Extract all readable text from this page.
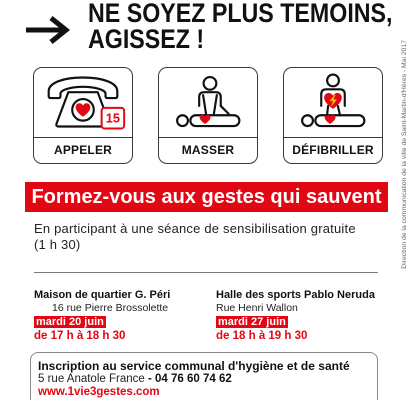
NE SOYEZ PLUS TEMOINS,
AGISSEZ !
Direction de la communication de la ville de Saint-Martin-d'Hères - Mai 2017
15
APPELER	MASSER	DÉFIBRILLER
Formez-vous aux gestes qui sauvent
En participant à une séance de sensibilisation gratuite
(1 h 30)
Maison de quartier G. Péri
16 rue Pierre Brossolette
mardi 20 juin
de 17 h à 18 h 30
Halle des sports Pablo Neruda
Rue Henri Wallon
mardi 27 juin
de 18 h à 19 h 30
Inscription au service communal d'hygiène et de santé
5 rue Anatole France - 04 76 60 74 62
www.1vie3gestes.com
